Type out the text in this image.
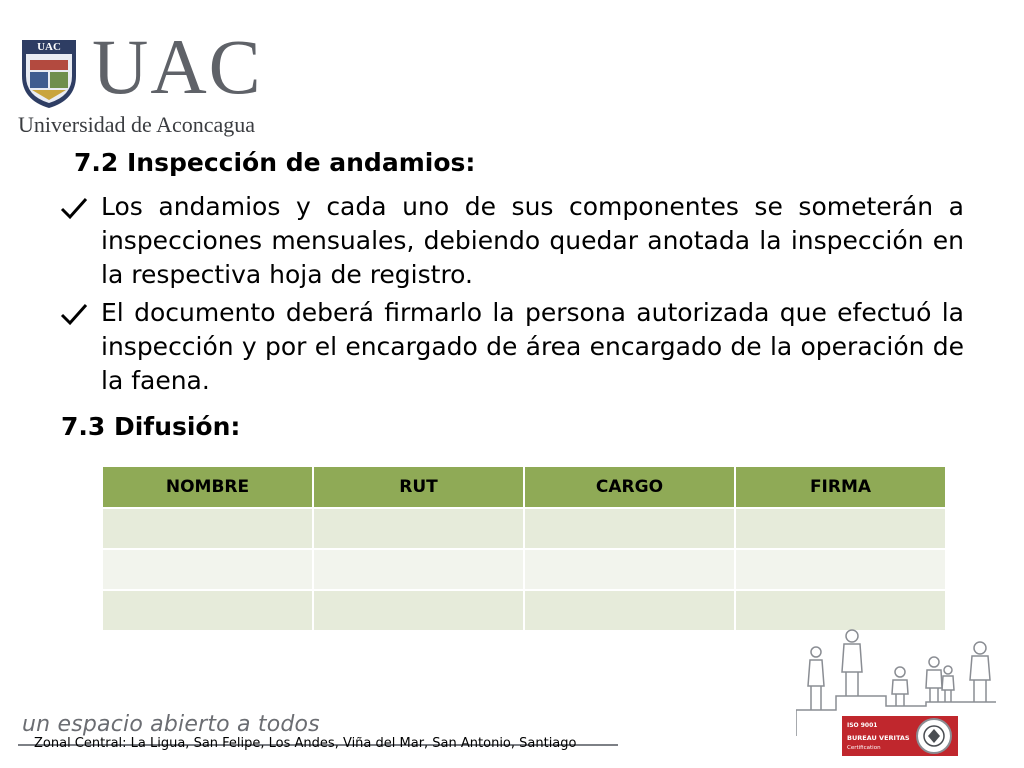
UAC UAC
Universidad de Aconcagua
7.2 Inspección de andamios:
Los andamios y cada uno de sus componentes se someterán a inspecciones mensuales, debiendo quedar anotada la inspección en la respectiva hoja de registro.
El documento deberá firmarlo la persona autorizada que efectuó la inspección y por el encargado de área encargado de la operación de la faena.
7.3 Difusión:
NOMBRE	RUT	CARGO	FIRMA

ISO 9001
BUREAU VERITAS
Certification
un espacio abierto a todos
Zonal Central: La Ligua, San Felipe, Los Andes, Viña del Mar, San Antonio, Santiago
